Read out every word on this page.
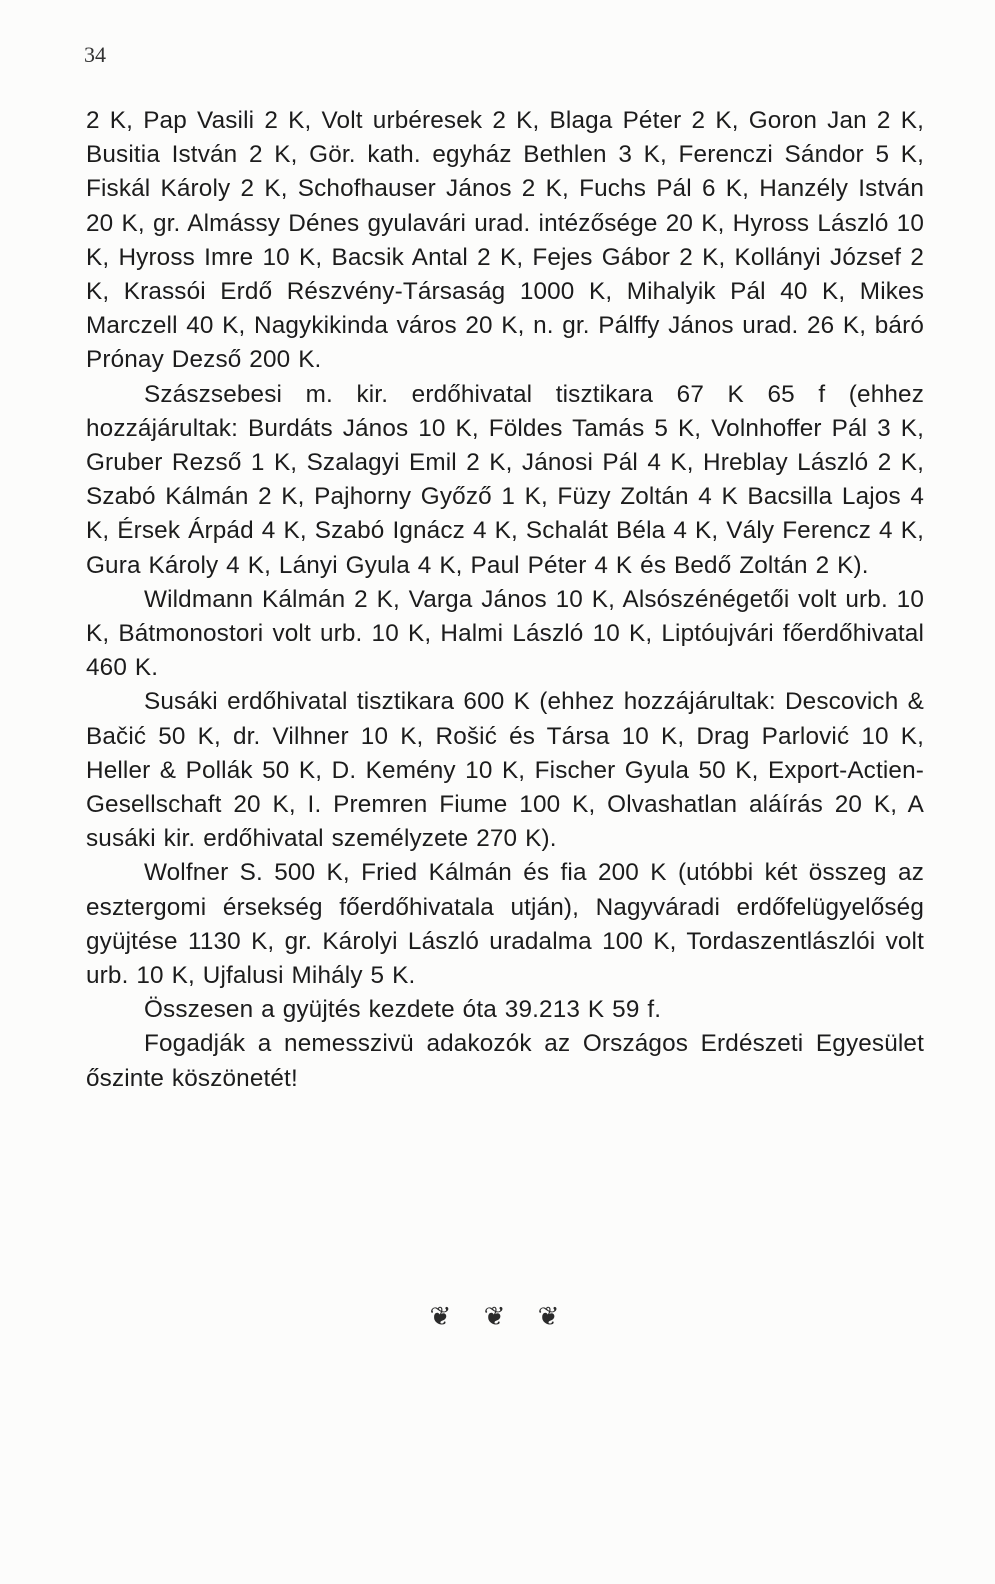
34

2 K, Pap Vasili 2 K, Volt urbéresek 2 K, Blaga Péter 2 K, Goron Jan 2 K, Busitia István 2 K, Gör. kath. egyház Bethlen 3 K, Ferenczi Sándor 5 K, Fiskál Károly 2 K, Schofhauser János 2 K, Fuchs Pál 6 K, Hanzély István 20 K, gr. Almássy Dénes gyulavári urad. intézősége 20 K, Hyross László 10 K, Hyross Imre 10 K, Bacsik Antal 2 K, Fejes Gábor 2 K, Kollányi József 2 K, Krassói Erdő Részvény-Társaság 1000 K, Mihalyik Pál 40 K, Mikes Marczell 40 K, Nagykikinda város 20 K, n. gr. Pálffy János urad. 26 K, báró Prónay Dezső 200 K.

Szászsebesi m. kir. erdőhivatal tisztikara 67 K 65 f (ehhez hozzájárultak: Burdáts János 10 K, Földes Tamás 5 K, Volnhoffer Pál 3 K, Gruber Rezső 1 K, Szalagyi Emil 2 K, Jánosi Pál 4 K, Hreblay László 2 K, Szabó Kálmán 2 K, Pajhorny Győző 1 K, Füzy Zoltán 4 K Bacsilla Lajos 4 K, Érsek Árpád 4 K, Szabó Ignácz 4 K, Schalát Béla 4 K, Vály Ferencz 4 K, Gura Károly 4 K, Lányi Gyula 4 K, Paul Péter 4 K és Bedő Zoltán 2 K).

Wildmann Kálmán 2 K, Varga János 10 K, Alsószénégetői volt urb. 10 K, Bátmonostori volt urb. 10 K, Halmi László 10 K, Liptóujvári főerdőhivatal 460 K.

Susáki erdőhivatal tisztikara 600 K (ehhez hozzájárultak: Descovich & Bačić 50 K, dr. Vilhner 10 K, Rošić és Társa 10 K, Drag Parlović 10 K, Heller & Pollák 50 K, D. Kemény 10 K, Fischer Gyula 50 K, Export-Actien-Gesellschaft 20 K, I. Premren Fiume 100 K, Olvashatlan aláírás 20 K, A susáki kir. erdőhivatal személyzete 270 K).

Wolfner S. 500 K, Fried Kálmán és fia 200 K (utóbbi két összeg az esztergomi érsekség főerdőhivatala utján), Nagyváradi erdőfelügyelőség gyüjtése 1130 K, gr. Károlyi László uradalma 100 K, Tordaszentlászlói volt urb. 10 K, Ujfalusi Mihály 5 K.

Összesen a gyüjtés kezdete óta 39.213 K 59 f.

Fogadják a nemesszivü adakozók az Országos Erdészeti Egyesület őszinte köszönetét!

❦ ❦ ❦
